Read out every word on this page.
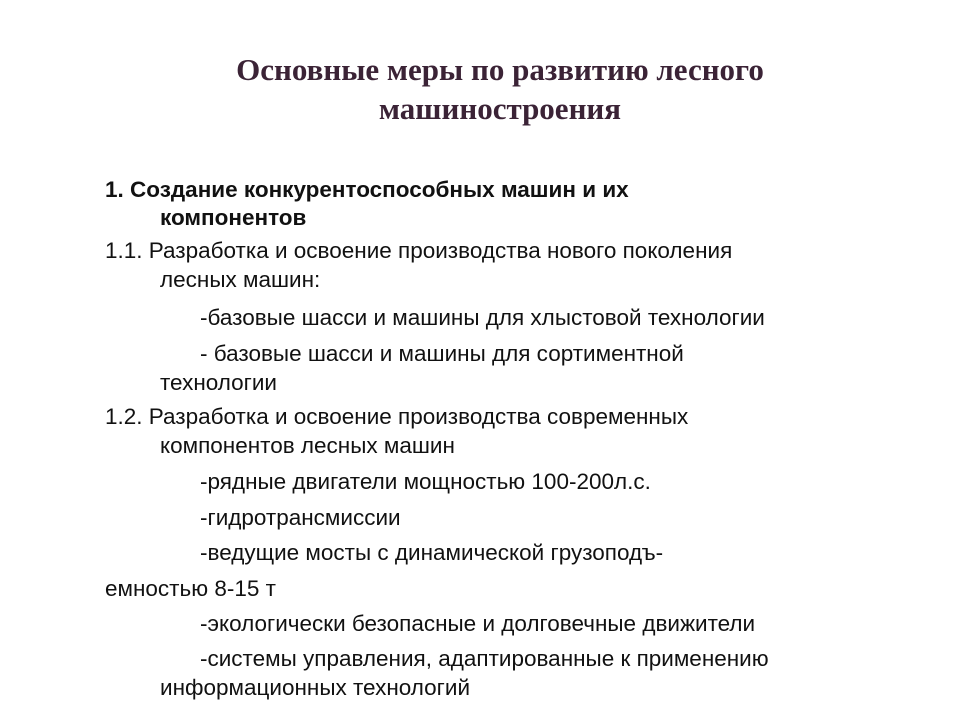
Основные меры по развитию лесного
машиностроения
1. Создание конкурентоспособных машин и их
компонентов
1.1. Разработка и освоение производства нового поколения
лесных машин:
-базовые шасси и машины для хлыстовой технологии
- базовые шасси и машины для сортиментной
технологии
1.2. Разработка и освоение производства современных
компонентов лесных машин
-рядные двигатели мощностью 100-200л.с.
-гидротрансмиссии
-ведущие мосты с динамической грузоподъ-
емностью 8-15 т
-экологически безопасные и долговечные движители
-системы управления, адаптированные к применению
информационных технологий
